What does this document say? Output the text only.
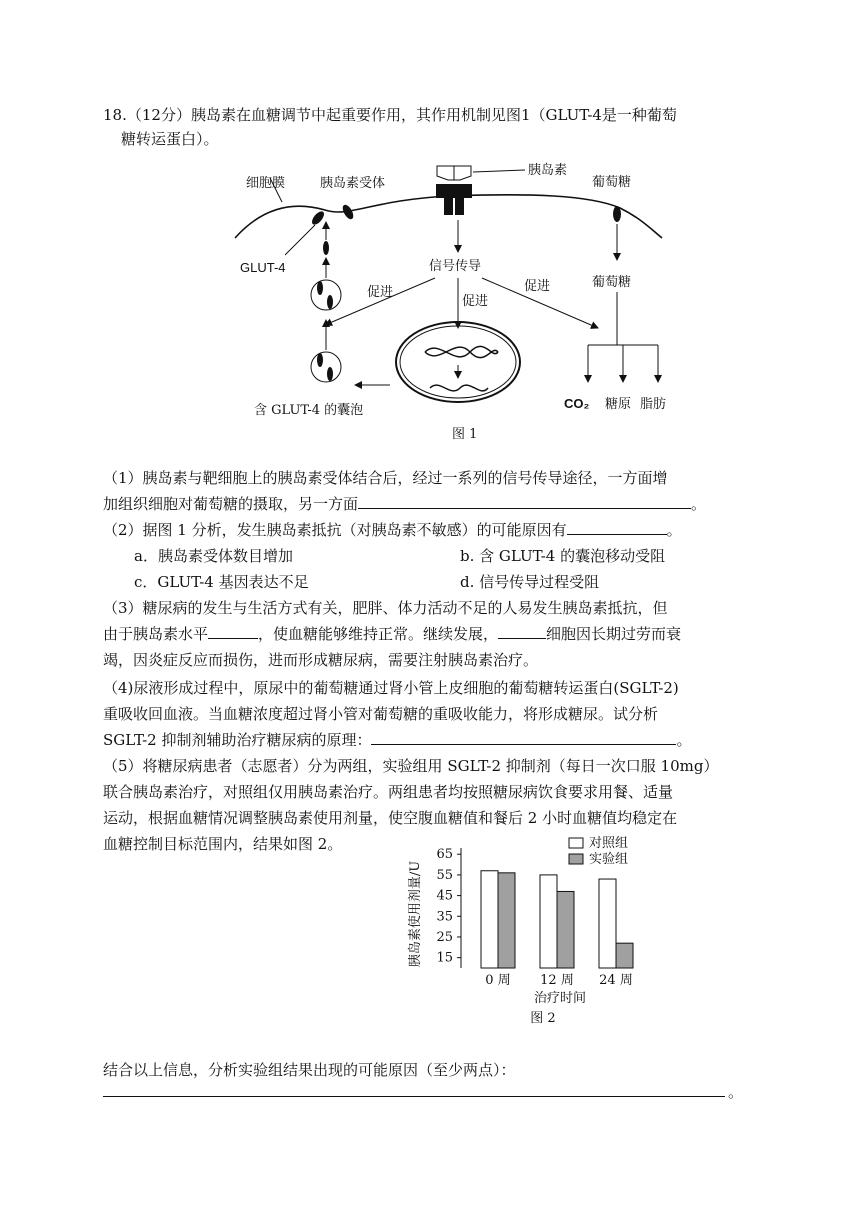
18.（12分）胰岛素在血糖调节中起重要作用，其作用机制见图1（GLUT-4是一种葡萄
糖转运蛋白）。
细胞膜	胰岛素受体
胰岛素
葡萄糖
GLUT-4	信号传导
促进
促进
促进	葡萄糖
含 GLUT-4 的囊泡	CO₂ 糖原 脂肪
图 1
（1）胰岛素与靶细胞上的胰岛素受体结合后，经过一系列的信号传导途径，一方面增
加组织细胞对葡萄糖的摄取，另一方面	。
（2）据图 1 分析，发生胰岛素抵抗（对胰岛素不敏感）的可能原因有	。
a．胰岛素受体数目增加	b. 含 GLUT-4 的囊泡移动受阻
c．GLUT-4 基因表达不足	d. 信号传导过程受阻
（3）糖尿病的发生与生活方式有关，肥胖、体力活动不足的人易发生胰岛素抵抗，但
由于胰岛素水平	，使血糖能够维持正常。继续发展，	细胞因长期过劳而衰
竭，因炎症反应而损伤，进而形成糖尿病，需要注射胰岛素治疗。
（4)尿液形成过程中，原尿中的葡萄糖通过肾小管上皮细胞的葡萄糖转运蛋白(SGLT-2)
重吸收回血液。当血糖浓度超过肾小管对葡萄糖的重吸收能力，将形成糖尿。试分析
SGLT-2 抑制剂辅助治疗糖尿病的原理：	。
（5）将糖尿病患者（志愿者）分为两组，实验组用 SGLT-2 抑制剂（每日一次口服 10mg）
联合胰岛素治疗，对照组仅用胰岛素治疗。两组患者均按照糖尿病饮食要求用餐、适量
运动，根据血糖情况调整胰岛素使用剂量，使空腹血糖值和餐后 2 小时血糖值均稳定在
血糖控制目标范围内，结果如图 2。
胰岛素使用剂量/U 15
25
35
45
55
65
0 周 12 周 24 周
治疗时间
对照组
实验组
图 2
结合以上信息，分析实验组结果出现的可能原因（至少两点）：
。
